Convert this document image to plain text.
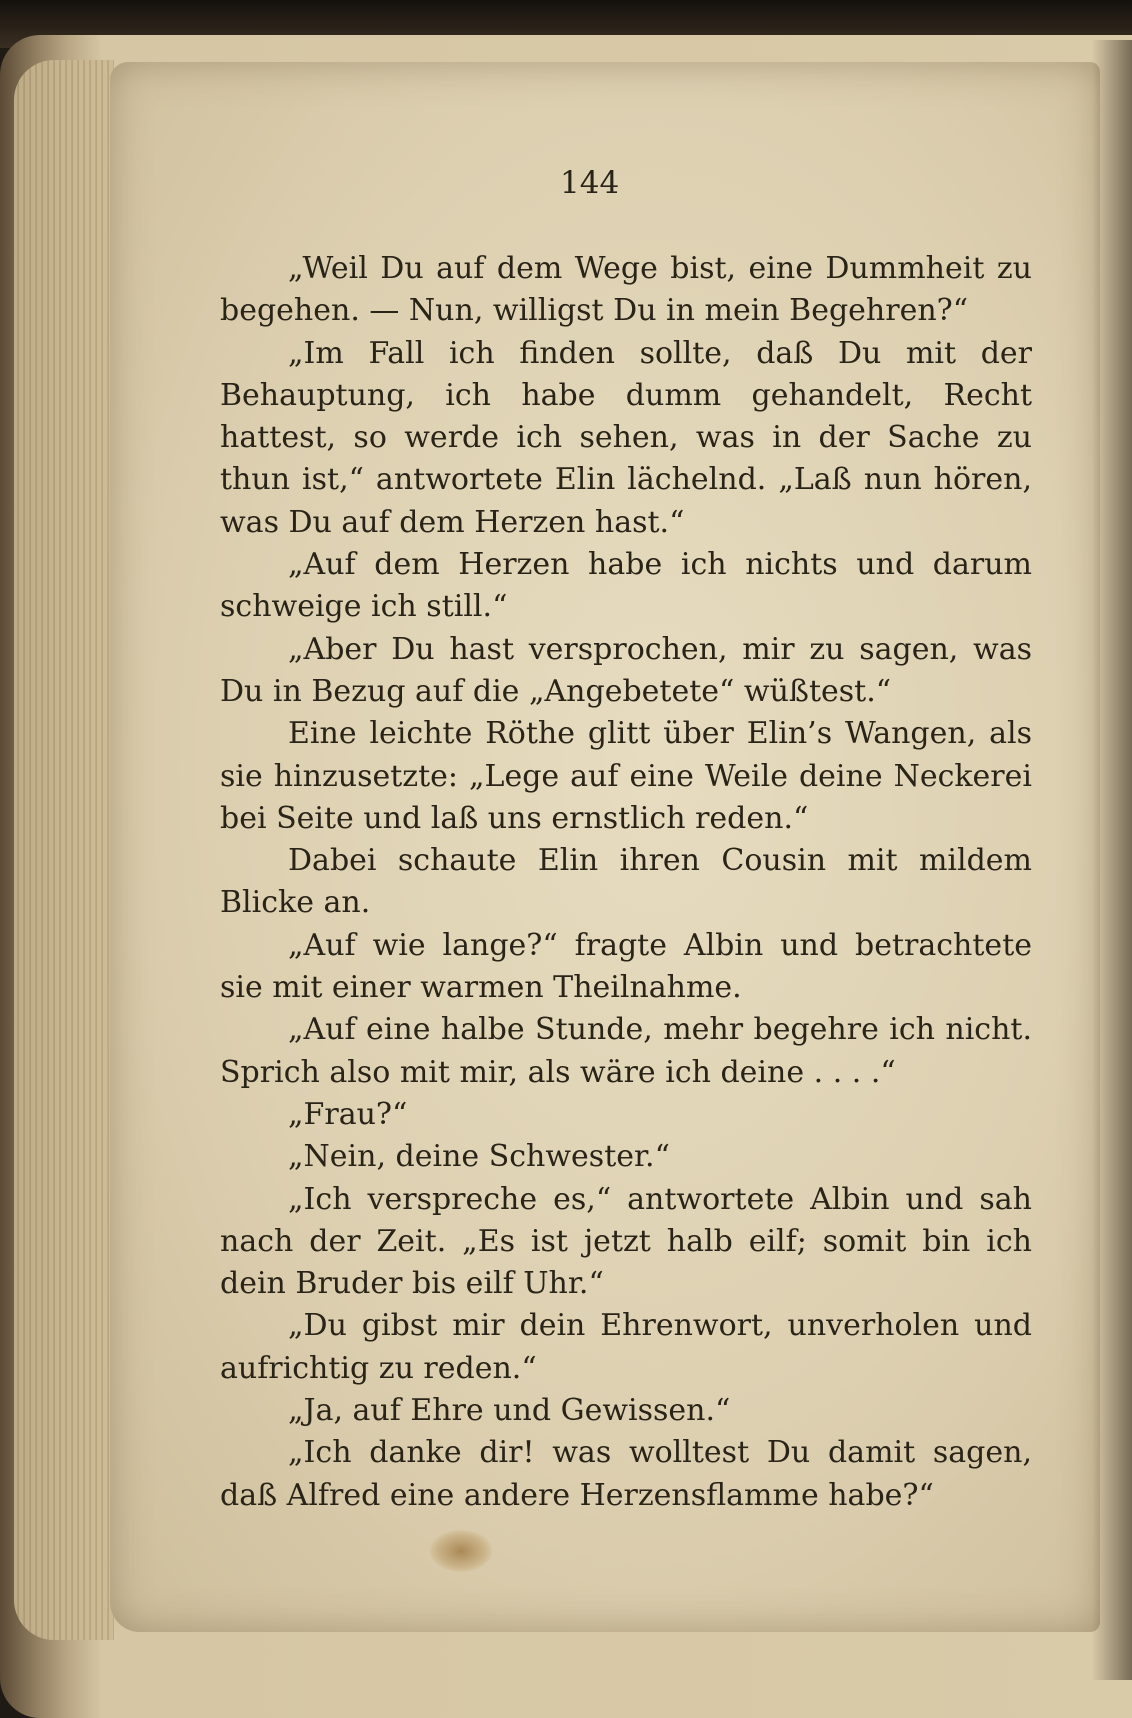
144

„Weil Du auf dem Wege bist, eine Dummheit zu begehen. — Nun, willigst Du in mein Begehren?“

„Im Fall ich finden sollte, daß Du mit der Behauptung, ich habe dumm gehandelt, Recht hattest, so werde ich sehen, was in der Sache zu thun ist,“ antwortete Elin lächelnd. „Laß nun hören, was Du auf dem Herzen hast.“

„Auf dem Herzen habe ich nichts und darum schweige ich still.“

„Aber Du hast versprochen, mir zu sagen, was Du in Bezug auf die „Angebetete“ wüßtest.“

Eine leichte Röthe glitt über Elin’s Wangen, als sie hinzusetzte: „Lege auf eine Weile deine Neckerei bei Seite und laß uns ernstlich reden.“

Dabei schaute Elin ihren Cousin mit mildem Blicke an.

„Auf wie lange?“ fragte Albin und betrachtete sie mit einer warmen Theilnahme.

„Auf eine halbe Stunde, mehr begehre ich nicht. Sprich also mit mir, als wäre ich deine . . . .“

„Frau?“

„Nein, deine Schwester.“

„Ich verspreche es,“ antwortete Albin und sah nach der Zeit. „Es ist jetzt halb eilf; somit bin ich dein Bruder bis eilf Uhr.“

„Du gibst mir dein Ehrenwort, unverholen und aufrichtig zu reden.“

„Ja, auf Ehre und Gewissen.“

„Ich danke dir! was wolltest Du damit sagen, daß Alfred eine andere Herzensflamme habe?“
